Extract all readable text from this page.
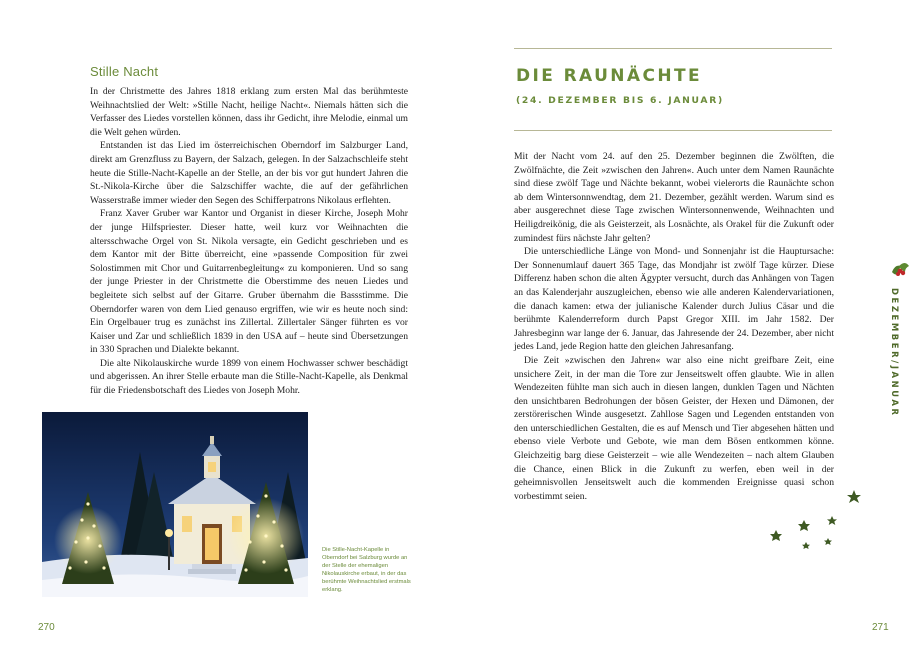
Stille Nacht

In der Christmette des Jahres 1818 erklang zum ersten Mal das berühmteste Weihnachtslied der Welt: »Stille Nacht, heilige Nacht«. Niemals hätten sich die Verfasser des Liedes vorstellen können, dass ihr Gedicht, ihre Melodie, einmal um die Welt gehen würden.

Entstanden ist das Lied im österreichischen Oberndorf im Salzburger Land, direkt am Grenzfluss zu Bayern, der Salzach, gelegen. In der Salzachschleife steht heute die Stille-Nacht-Kapelle an der Stelle, an der bis vor gut hundert Jahren die St.-Nikola-Kirche über die Salzschiffer wachte, die auf der gefährlichen Wasserstraße immer wieder den Segen des Schifferpatrons Nikolaus erflehten.

Franz Xaver Gruber war Kantor und Organist in dieser Kirche, Joseph Mohr der junge Hilfspriester. Dieser hatte, weil kurz vor Weihnachten die altersschwache Orgel von St. Nikola versagte, ein Gedicht geschrieben und es dem Kantor mit der Bitte überreicht, eine »passende Composition für zwei Solostimmen mit Chor und Guitarrenbegleitung« zu komponieren. Und so sang der junge Priester in der Christmette die Oberstimme des neuen Liedes und begleitete sich selbst auf der Gitarre. Gruber übernahm die Bassstimme. Die Oberndorfer waren von dem Lied genauso ergriffen, wie wir es heute noch sind: Ein Orgelbauer trug es zunächst ins Zillertal. Zillertaler Sänger führten es vor Kaiser und Zar und schließlich 1839 in den USA auf – heute sind Übersetzungen in 330 Sprachen und Dialekte bekannt.

Die alte Nikolauskirche wurde 1899 von einem Hochwasser schwer beschädigt und abgerissen. An ihrer Stelle erbaute man die Stille-Nacht-Kapelle, als Denkmal für die Friedensbotschaft des Liedes von Joseph Mohr.

Die Stille-Nacht-Kapelle in Oberndorf bei Salzburg wurde an der Stelle der ehemaligen Nikolauskirche erbaut, in der das berühmte Weihnachtslied erstmals erklang.
270
DIE RAUNÄCHTE
(24. DEZEMBER BIS 6. JANUAR)

Mit der Nacht vom 24. auf den 25. Dezember beginnen die Zwölften, die Zwölfnächte, die Zeit »zwischen den Jahren«. Auch unter dem Namen Raunächte sind diese zwölf Tage und Nächte bekannt, wobei vielerorts die Raunächte schon ab dem Wintersonnwendtag, dem 21. Dezember, gezählt werden. Warum sind es aber ausgerechnet diese Tage zwischen Wintersonnenwende, Weihnachten und Heiligdreikönig, die als Geisterzeit, als Losnächte, als Orakel für die Zukunft oder zumindest fürs nächste Jahr gelten?

Die unterschiedliche Länge von Mond- und Sonnenjahr ist die Hauptursache: Der Sonnenumlauf dauert 365 Tage, das Mondjahr ist zwölf Tage kürzer. Diese Differenz haben schon die alten Ägypter versucht, durch das Anhängen von Tagen an das Kalenderjahr auszugleichen, ebenso wie alle anderen Kalendervariationen, die danach kamen: etwa der julianische Kalender durch Julius Cäsar und die berühmte Kalenderreform durch Papst Gregor XIII. im Jahr 1582. Der Jahresbeginn war lange der 6. Januar, das Jahresende der 24. Dezember, aber nicht jedes Land, jede Region hatte den gleichen Jahresanfang.

Die Zeit »zwischen den Jahren« war also eine nicht greifbare Zeit, eine unsichere Zeit, in der man die Tore zur Jenseitswelt offen glaubte. Wie in allen Wendezeiten fühlte man sich auch in diesen langen, dunklen Tagen und Nächten den unsichtbaren Bedrohungen der bösen Geister, der Hexen und Dämonen, der zerstörerischen Winde ausgesetzt. Zahllose Sagen und Legenden entstanden von den unterschiedlichen Gestalten, die es auf Mensch und Tier abgesehen hätten und ebenso viele Verbote und Gebote, wie man dem Bösen entkommen könne. Gleichzeitig barg diese Geisterzeit – wie alle Wendezeiten – nach altem Glauben die Chance, einen Blick in die Zukunft zu werfen, eben weil in der geheimnisvollen Jenseitswelt auch die kommenden Ereignisse quasi schon vorbestimmt seien.

DEZEMBER/JANUAR
271
